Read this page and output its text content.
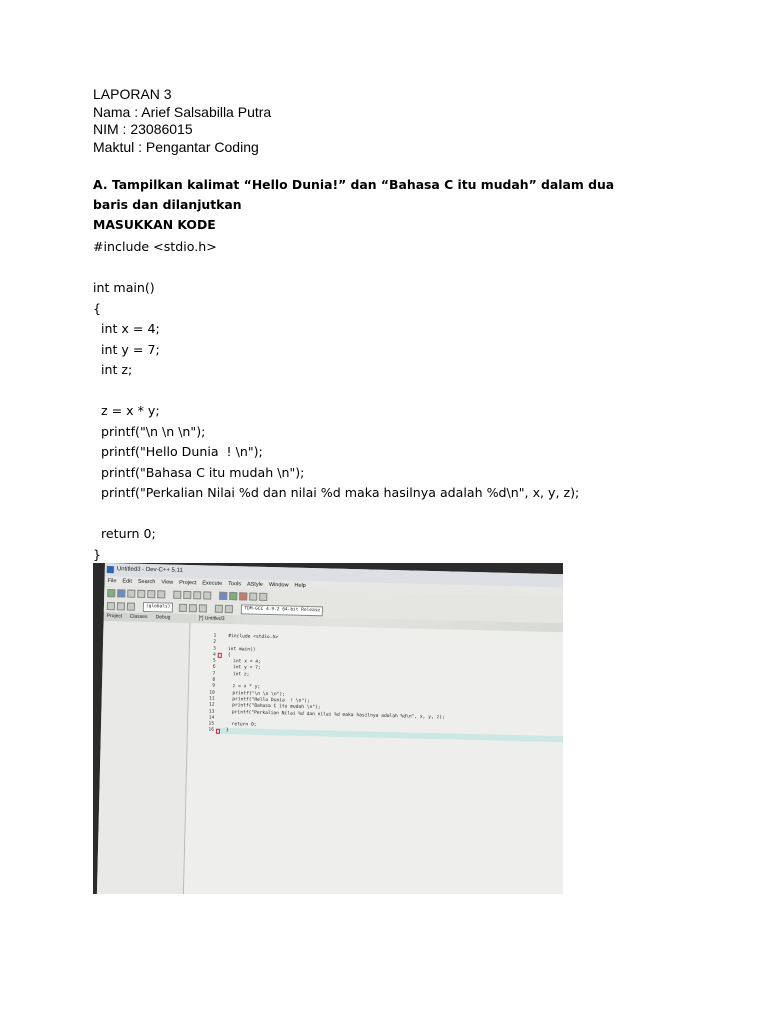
LAPORAN 3
Nama : Arief Salsabilla Putra
NIM : 23086015
Maktul : Pengantar Coding
A. Tampilkan kalimat “Hello Dunia!” dan “Bahasa C itu mudah” dalam dua baris dan dilanjutkan
MASUKKAN KODE
#include <stdio.h>
int main()
{
int x = 4;
int y = 7;
int z;
z = x * y;
printf("\n \n \n");
printf("Hello Dunia  ! \n");
printf("Bahasa C itu mudah \n");
printf("Perkalian Nilai %d dan nilai %d maka hasilnya adalah %d\n", x, y, z);
return 0;
}
Untitled3 - Dev-C++ 5.11
File Edit Search View Project Execute Tools AStyle Window Help
(globals)	TDM-GCC 4.9.2 64-bit Release
Project Classes Debug	[*] Untitled3
1
2
3
4
5
6
7
8
9
10
11
12
13
14
15
16
#include <stdio.h>
int main()
{
int x = 4;
int y = 7;
int z;
z = x * y;
printf("\n \n \n");
printf("Hello Dunia  ! \n");
printf("Bahasa C itu mudah \n");
printf("Perkalian Nilai %d dan nilai %d maka hasilnya adalah %d\n", x, y, z);
return 0;
}
